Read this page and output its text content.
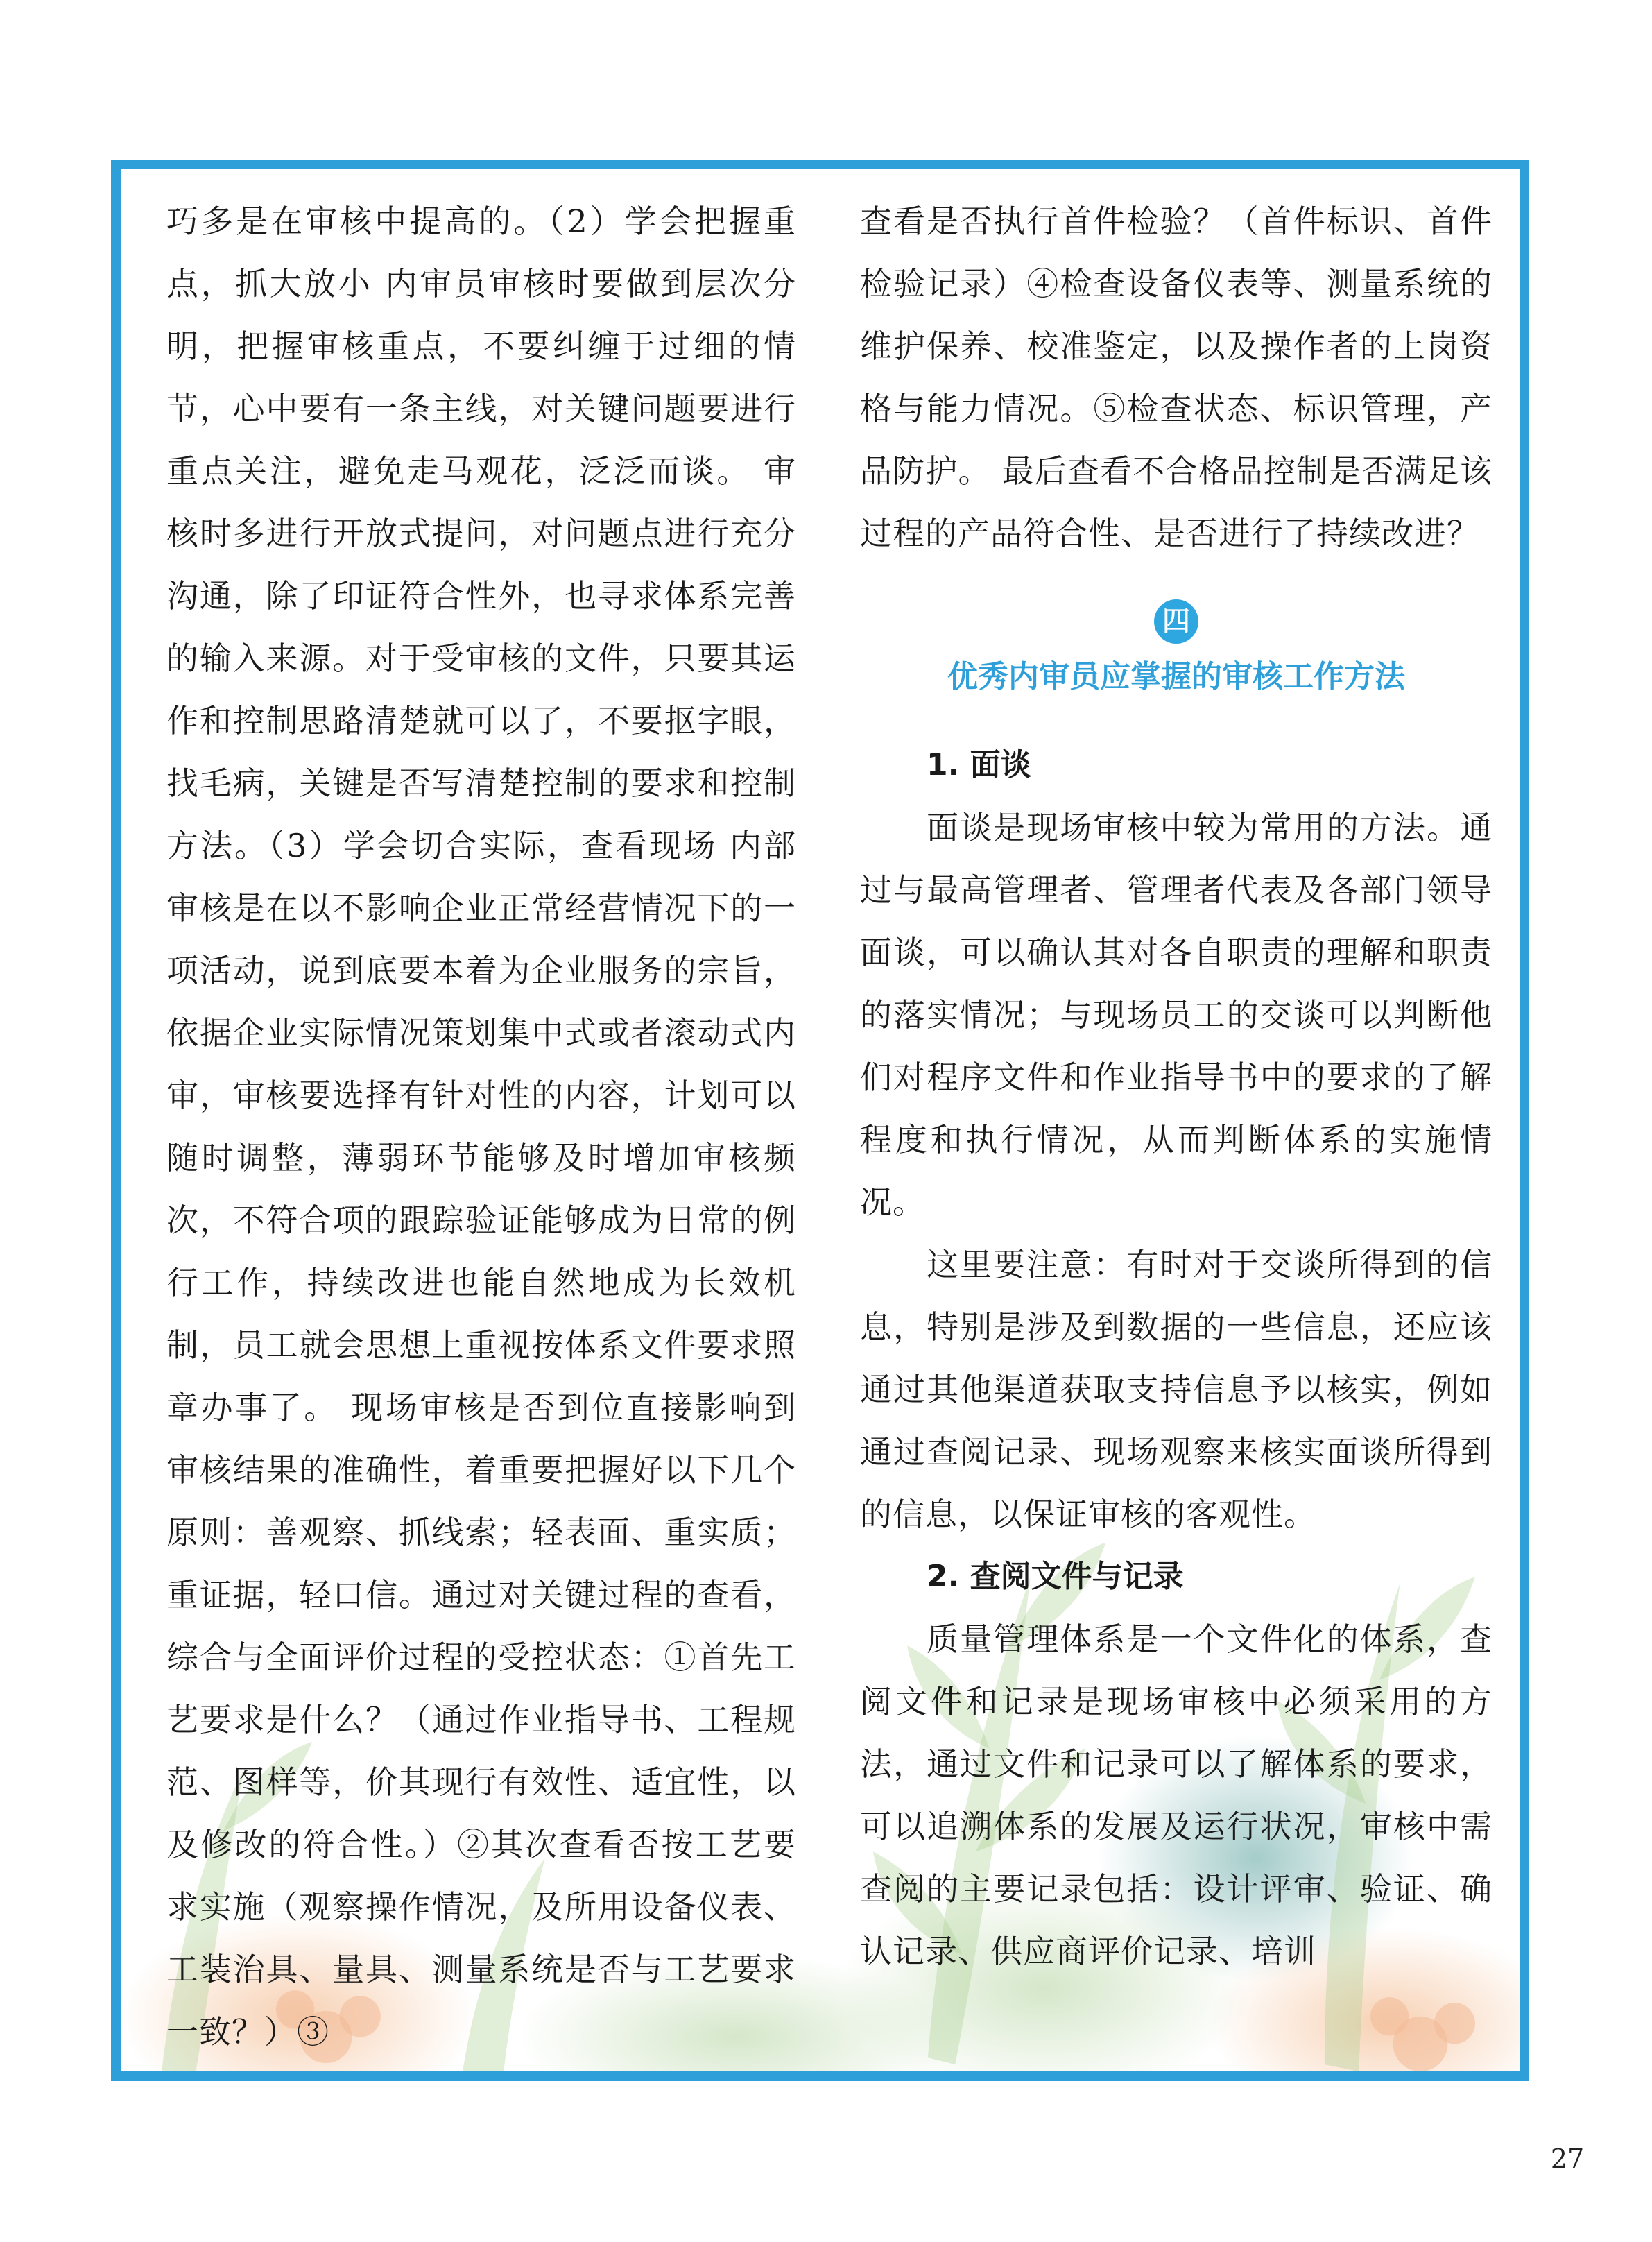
巧多是在审核中提高的。（2）学会把握重点，抓大放小 内审员审核时要做到层次分明，把握审核重点，不要纠缠于过细的情节，心中要有一条主线，对关键问题要进行重点关注，避免走马观花，泛泛而谈。 审核时多进行开放式提问，对问题点进行充分沟通，除了印证符合性外，也寻求体系完善的输入来源。对于受审核的文件，只要其运作和控制思路清楚就可以了，不要抠字眼，找毛病，关键是否写清楚控制的要求和控制方法。（3）学会切合实际，查看现场 内部审核是在以不影响企业正常经营情况下的一项活动，说到底要本着为企业服务的宗旨，依据企业实际情况策划集中式或者滚动式内审，审核要选择有针对性的内容，计划可以随时调整，薄弱环节能够及时增加审核频次，不符合项的跟踪验证能够成为日常的例行工作，持续改进也能自然地成为长效机制，员工就会思想上重视按体系文件要求照章办事了。 现场审核是否到位直接影响到审核结果的准确性，着重要把握好以下几个原则：善观察、抓线索；轻表面、重实质；重证据，轻口信。通过对关键过程的查看，综合与全面评价过程的受控状态：①首先工艺要求是什么？（通过作业指导书、工程规范、图样等，价其现行有效性、适宜性，以及修改的符合性。）②其次查看否按工艺要求实施（观察操作情况，及所用设备仪表、工装治具、量具、测量系统是否与工艺要求一致？）③

查看是否执行首件检验？（首件标识、首件检验记录）④检查设备仪表等、测量系统的维护保养、校准鉴定，以及操作者的上岗资格与能力情况。⑤检查状态、标识管理，产品防护。 最后查看不合格品控制是否满足该过程的产品符合性、是否进行了持续改进？

四
优秀内审员应掌握的审核工作方法
1. 面谈

面谈是现场审核中较为常用的方法。通过与最高管理者、管理者代表及各部门领导面谈，可以确认其对各自职责的理解和职责的落实情况；与现场员工的交谈可以判断他们对程序文件和作业指导书中的要求的了解程度和执行情况，从而判断体系的实施情况。

这里要注意：有时对于交谈所得到的信息，特别是涉及到数据的一些信息，还应该通过其他渠道获取支持信息予以核实，例如通过查阅记录、现场观察来核实面谈所得到的信息，以保证审核的客观性。

2. 查阅文件与记录

质量管理体系是一个文件化的体系，查阅文件和记录是现场审核中必须采用的方法，通过文件和记录可以了解体系的要求，可以追溯体系的发展及运行状况，审核中需查阅的主要记录包括：设计评审、验证、确认记录、供应商评价记录、培训

27
